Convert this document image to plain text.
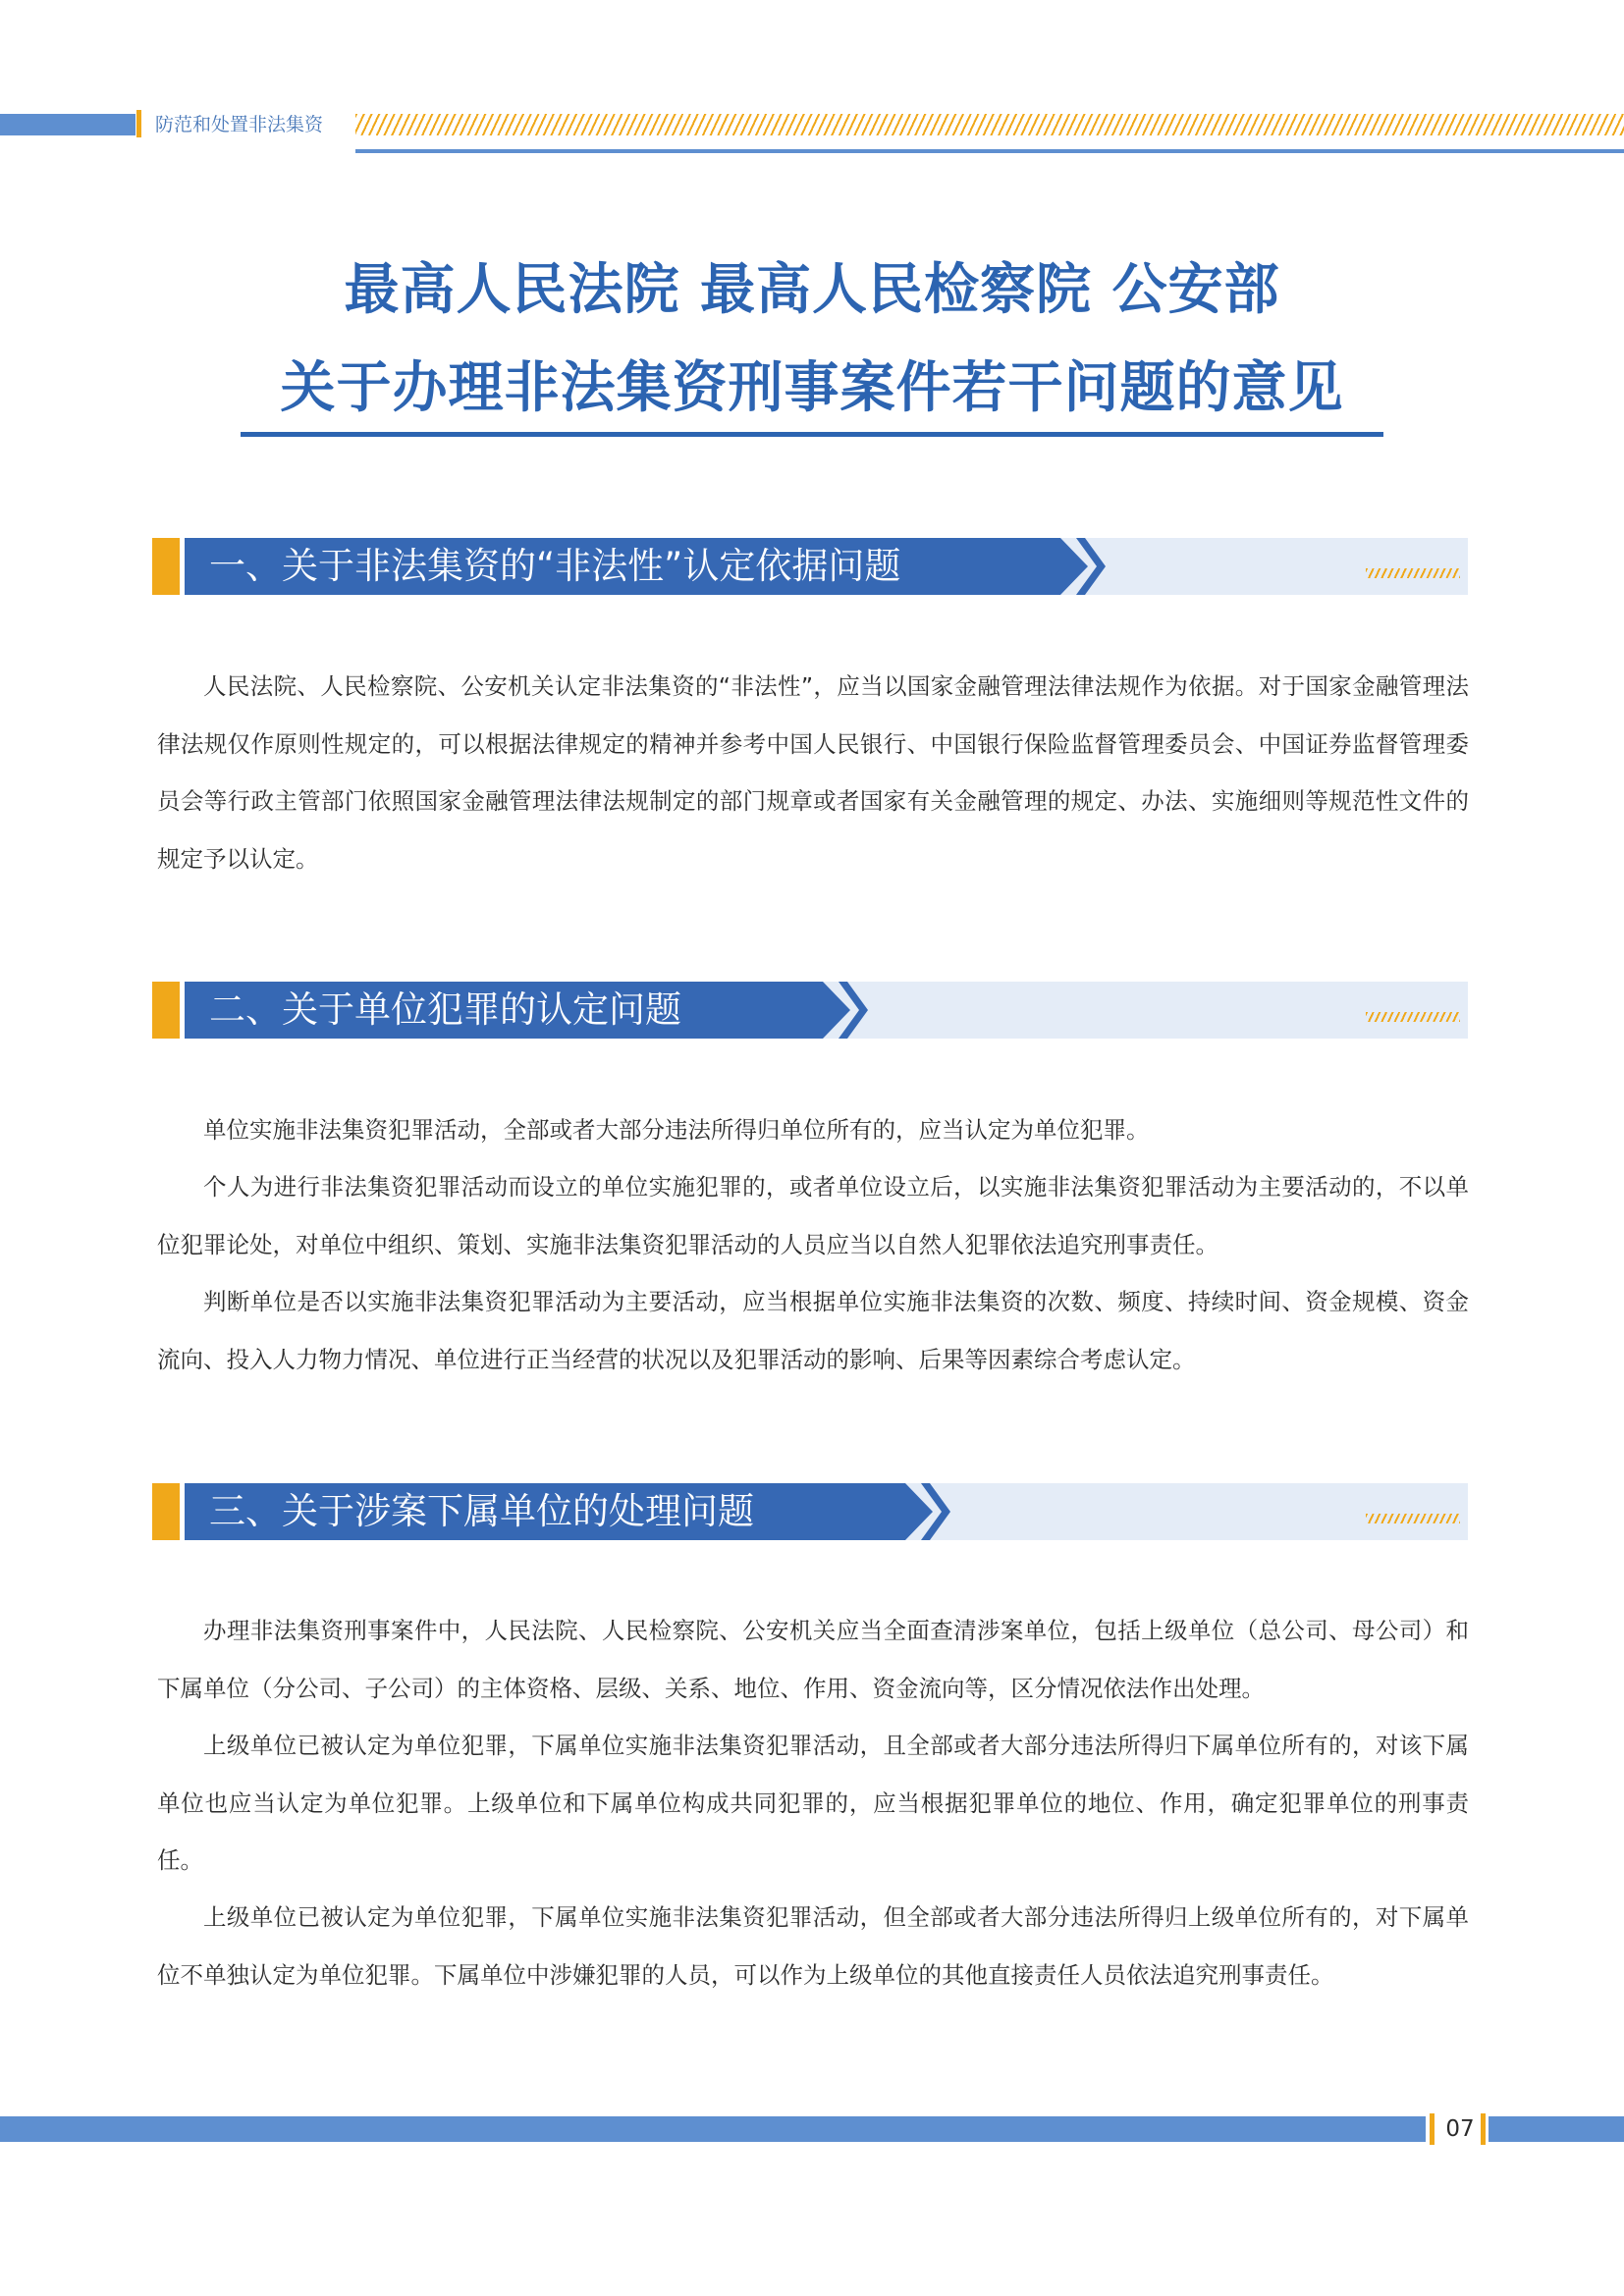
防范和处置非法集资
最高人民法院 最高人民检察院 公安部
关于办理非法集资刑事案件若干问题的意见
一、关于非法集资的“非法性”认定依据问题

人民法院、人民检察院、公安机关认定非法集资的“非法性”，应当以国家金融管理法律法规作为依据。对于国家金融管理法律法规仅作原则性规定的，可以根据法律规定的精神并参考中国人民银行、中国银行保险监督管理委员会、中国证券监督管理委员会等行政主管部门依照国家金融管理法律法规制定的部门规章或者国家有关金融管理的规定、办法、实施细则等规范性文件的规定予以认定。

二、关于单位犯罪的认定问题

单位实施非法集资犯罪活动，全部或者大部分违法所得归单位所有的，应当认定为单位犯罪。

个人为进行非法集资犯罪活动而设立的单位实施犯罪的，或者单位设立后，以实施非法集资犯罪活动为主要活动的，不以单位犯罪论处，对单位中组织、策划、实施非法集资犯罪活动的人员应当以自然人犯罪依法追究刑事责任。

判断单位是否以实施非法集资犯罪活动为主要活动，应当根据单位实施非法集资的次数、频度、持续时间、资金规模、资金流向、投入人力物力情况、单位进行正当经营的状况以及犯罪活动的影响、后果等因素综合考虑认定。

三、关于涉案下属单位的处理问题

办理非法集资刑事案件中，人民法院、人民检察院、公安机关应当全面查清涉案单位，包括上级单位（总公司、母公司）和下属单位（分公司、子公司）的主体资格、层级、关系、地位、作用、资金流向等，区分情况依法作出处理。

上级单位已被认定为单位犯罪，下属单位实施非法集资犯罪活动，且全部或者大部分违法所得归下属单位所有的，对该下属单位也应当认定为单位犯罪。上级单位和下属单位构成共同犯罪的，应当根据犯罪单位的地位、作用，确定犯罪单位的刑事责任。

上级单位已被认定为单位犯罪，下属单位实施非法集资犯罪活动，但全部或者大部分违法所得归上级单位所有的，对下属单位不单独认定为单位犯罪。下属单位中涉嫌犯罪的人员，可以作为上级单位的其他直接责任人员依法追究刑事责任。

07
